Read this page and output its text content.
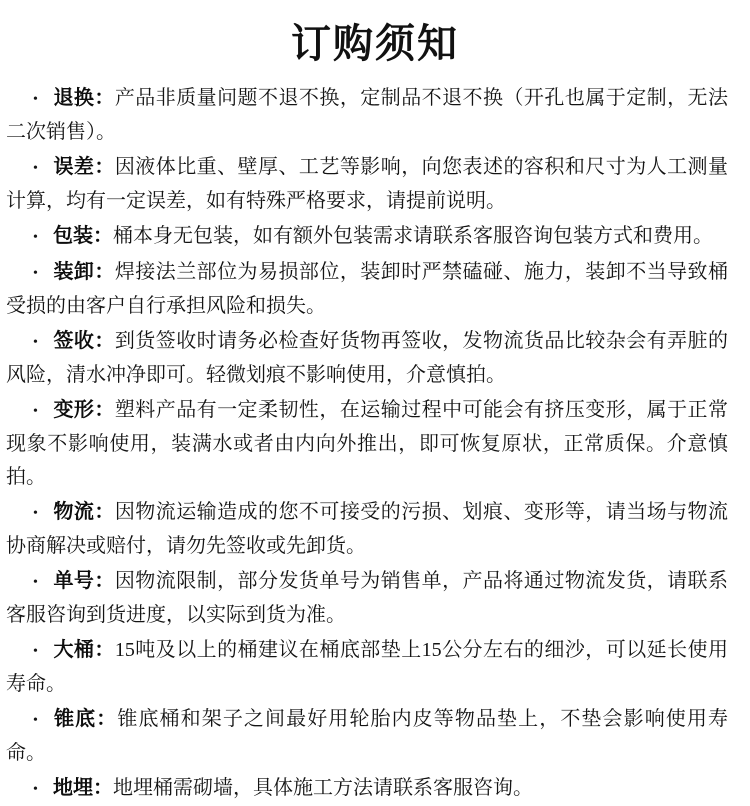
订购须知

• 退换：产品非质量问题不退不换，定制品不退不换（开孔也属于定制，无法二次销售）。

• 误差：因液体比重、壁厚、工艺等影响，向您表述的容积和尺寸为人工测量计算，均有一定误差，如有特殊严格要求，请提前说明。

• 包装：桶本身无包装，如有额外包装需求请联系客服咨询包装方式和费用。

• 装卸：焊接法兰部位为易损部位，装卸时严禁磕碰、施力，装卸不当导致桶受损的由客户自行承担风险和损失。

• 签收：到货签收时请务必检查好货物再签收，发物流货品比较杂会有弄脏的风险，清水冲净即可。轻微划痕不影响使用，介意慎拍。

• 变形：塑料产品有一定柔韧性，在运输过程中可能会有挤压变形，属于正常现象不影响使用，装满水或者由内向外推出，即可恢复原状，正常质保。介意慎拍。

• 物流：因物流运输造成的您不可接受的污损、划痕、变形等，请当场与物流协商解决或赔付，请勿先签收或先卸货。

• 单号：因物流限制，部分发货单号为销售单，产品将通过物流发货，请联系客服咨询到货进度，以实际到货为准。

• 大桶：15吨及以上的桶建议在桶底部垫上15公分左右的细沙，可以延长使用寿命。

• 锥底：锥底桶和架子之间最好用轮胎内皮等物品垫上，不垫会影响使用寿命。

• 地埋：地埋桶需砌墙，具体施工方法请联系客服咨询。
